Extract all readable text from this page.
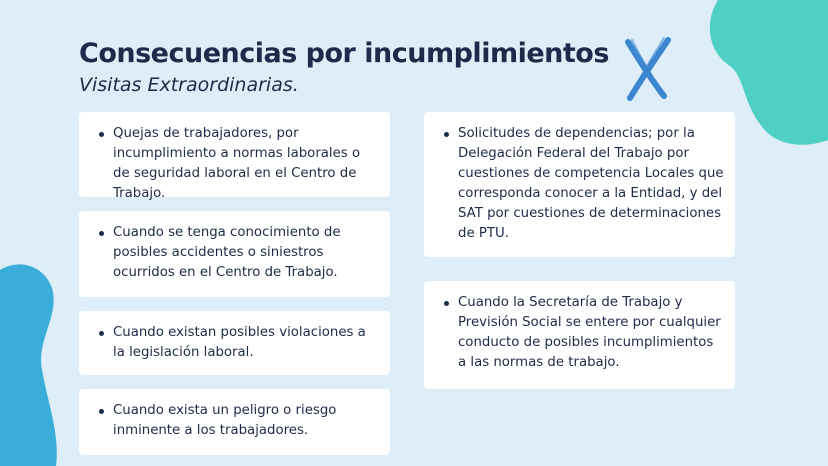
Consecuencias por incumplimientos

Visitas Extraordinarias.

Quejas de trabajadores, por incumplimiento a normas laborales o de seguridad laboral en el Centro de Trabajo.
Cuando se tenga conocimiento de posibles accidentes o siniestros ocurridos en el Centro de Trabajo.
Cuando existan posibles violaciones a la legislación laboral.
Cuando exista un peligro o riesgo inminente a los trabajadores.
Solicitudes de dependencias; por la Delegación Federal del Trabajo por cuestiones de competencia Locales que corresponda conocer a la Entidad, y del SAT por cuestiones de determinaciones de PTU.
Cuando la Secretaría de Trabajo y Previsión Social se entere por cualquier conducto de posibles incumplimientos a las normas de trabajo.
